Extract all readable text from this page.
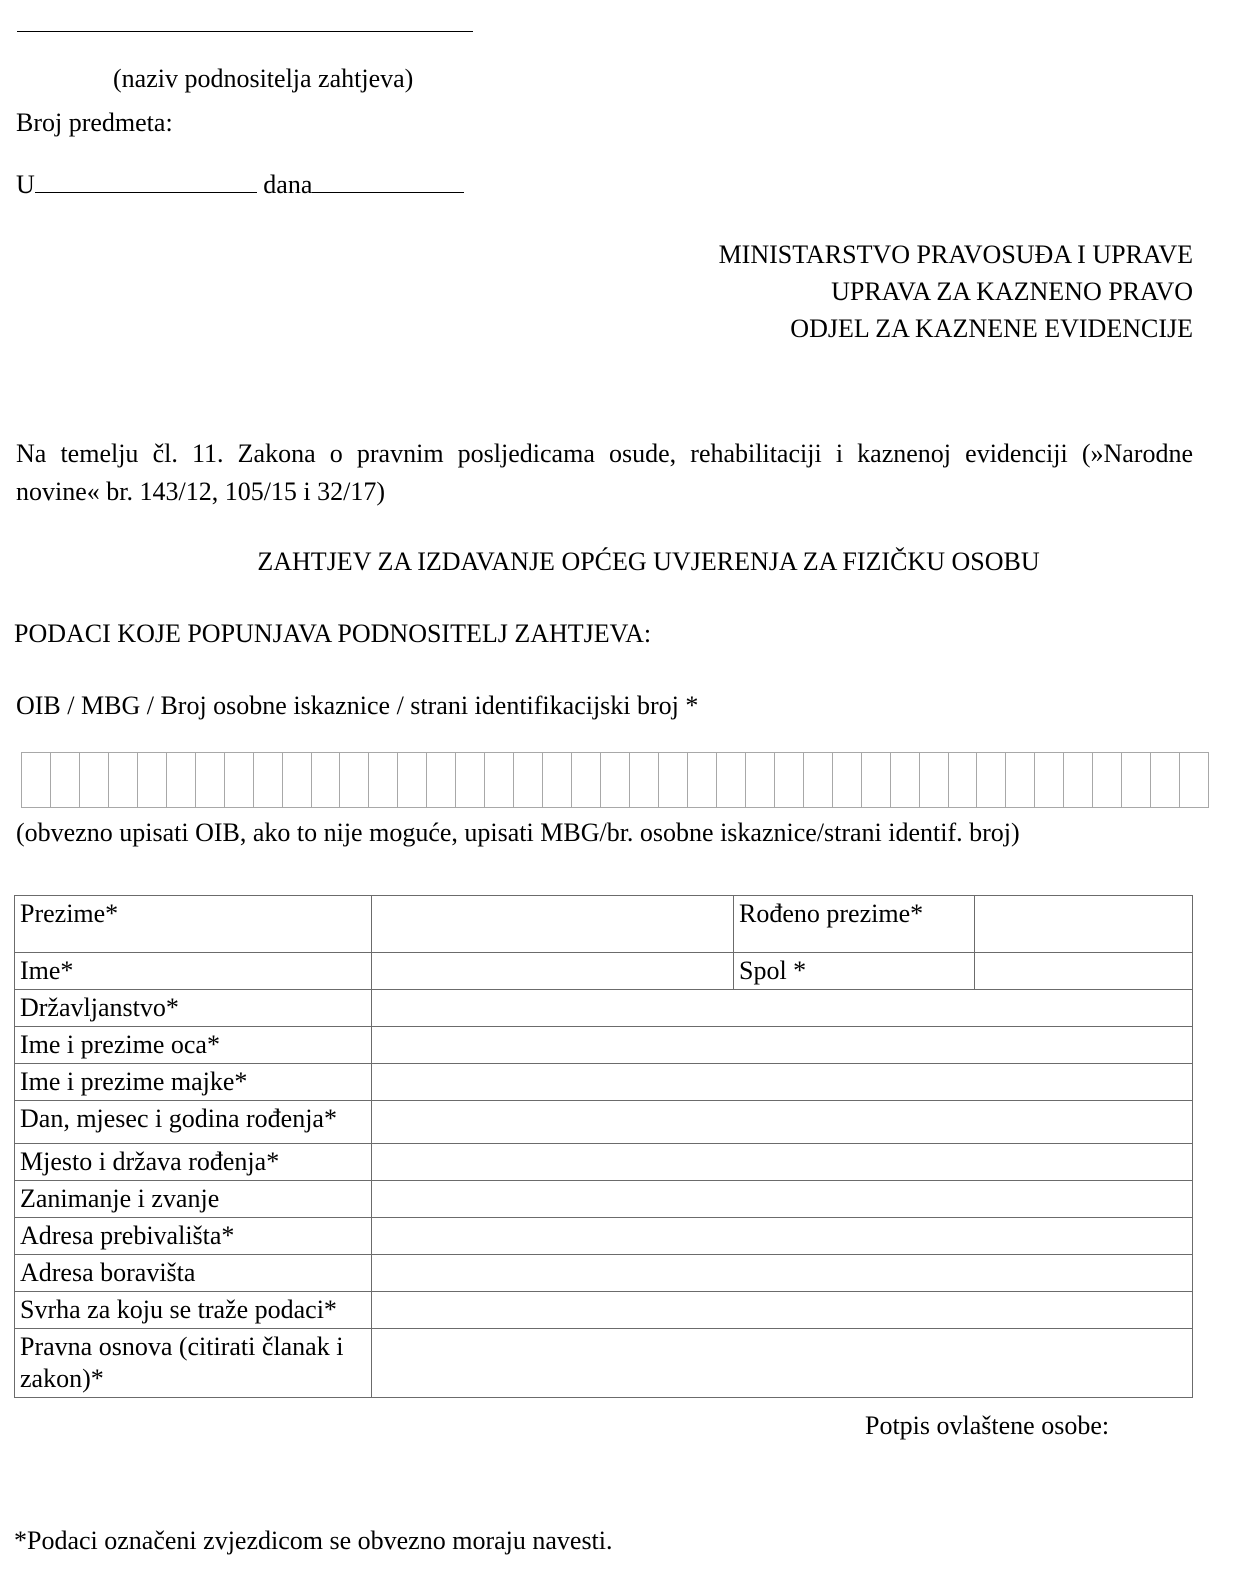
(naziv podnositelja zahtjeva)
Broj predmeta:
U	dana
MINISTARSTVO PRAVOSUĐA I UPRAVE
UPRAVA ZA KAZNENO PRAVO
ODJEL ZA KAZNENE EVIDENCIJE
Na temelju čl. 11. Zakona o pravnim posljedicama osude, rehabilitaciji i kaznenoj evidenciji (»Narodne
novine« br. 143/12, 105/15 i 32/17)
ZAHTJEV ZA IZDAVANJE OPĆEG UVJERENJA ZA FIZIČKU OSOBU
PODACI KOJE POPUNJAVA PODNOSITELJ ZAHTJEVA:
OIB / MBG / Broj osobne iskaznice / strani identifikacijski broj *
(obvezno upisati OIB, ako to nije moguće, upisati MBG/br. osobne iskaznice/strani identif. broj)
Prezime*		Rođeno prezime*	
Ime*		Spol *	
Državljanstvo*			
Ime i prezime oca*			
Ime i prezime majke*			
Dan, mjesec i godina rođenja*			
Mjesto i država rođenja*			
Zanimanje i zvanje			
Adresa prebivališta*			
Adresa boravišta			
Svrha za koju se traže podaci*			
Pravna osnova (citirati članak i zakon)*			
Potpis ovlaštene osobe:
*Podaci označeni zvjezdicom se obvezno moraju navesti.
